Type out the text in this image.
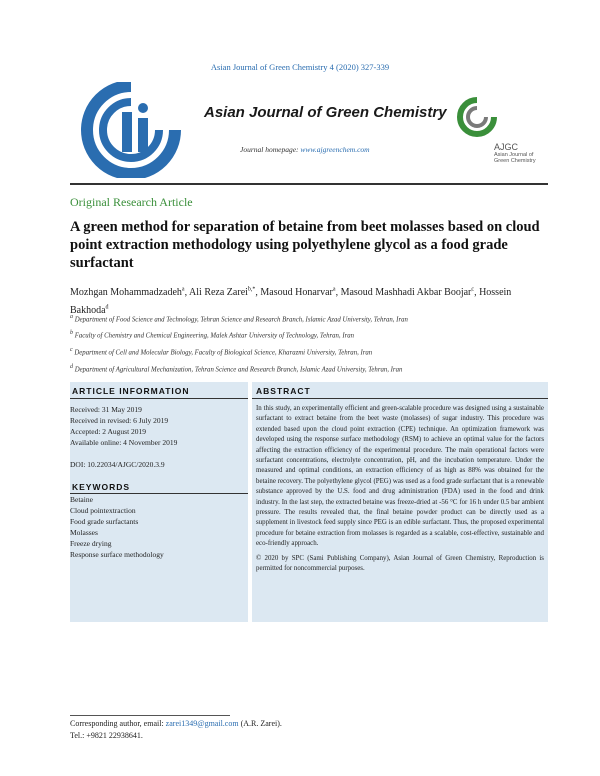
Asian Journal of Green Chemistry 4 (2020) 327-339
Asian Journal of Green Chemistry
Journal homepage: www.ajgreenchem.com	AJGC
Asian Journal of
Green Chemistry
Original Research Article
A green method for separation of betaine from beet molasses based on cloud point extraction methodology using polyethylene glycol as a food grade surfactant
Mozhgan Mohammadzadeh$^a$, Ali Reza Zarei$^{b,*}$, Masoud Honarvar$^a$, Masoud Mashhadi Akbar Boojar$^c$, Hossein Bakhoda$^d$
a Department of Food Science and Technology, Tehran Science and Research Branch, Islamic Azad University, Tehran, Iran
b Faculty of Chemistry and Chemical Engineering, Malek Ashtar University of Technology, Tehran, Iran
c Department of Cell and Molecular Biology, Faculty of Biological Science, Kharazmi University, Tehran, Iran
d Department of Agricultural Mechanization, Tehran Science and Research Branch, Islamic Azad University, Tehran, Iran
ARTICLE INFORMATION	ABSTRACT
Received: 31 May 2019
Received in revised: 6 July 2019
Accepted: 2 August 2019
Available online: 4 November 2019
DOI: 10.22034/AJGC/2020.3.9
KEYWORDS
Betaine
Cloud pointextraction
Food grade surfactants
Molasses
Freeze drying
Response surface methodology
In this study, an experimentally efficient and green-scalable procedure was designed using a sustainable surfactant to extract betaine from the beet waste (molasses) of sugar industry. This procedure was extended based upon the cloud point extraction (CPE) technique. An optimization framework was developed using the response surface methodology (RSM) to achieve an optimal value for the factors affecting the extraction efficiency of the experimental procedure. The main operational factors were surfactant concentrations, electrolyte concentration, pH, and the incubation temperature. Under the measured and optimal conditions, an extraction efficiency of as high as 88% was obtained for the betaine recovery. The polyethylene glycol (PEG) was used as a food grade surfactant that is a renewable substance approved by the U.S. food and drug administration (FDA) used in the food and drink industry. In the last step, the extracted betaine was freeze-dried at -56 °C for 16 h under 0.5 bar ambient pressure. The results revealed that, the final betaine powder product can be directly used as a supplement in livestock feed supply since PEG is an edible surfactant. Thus, the proposed experimental procedure for betaine extraction from molasses is regarded as a scalable, cost-effective, sustainable and eco-friendly approach.
© 2020 by SPC (Sami Publishing Company), Asian Journal of Green Chemistry, Reproduction is permitted for noncommercial purposes.
Corresponding author, email: zarei1349@gmail.com (A.R. Zarei).
Tel.: +9821 22938641.
